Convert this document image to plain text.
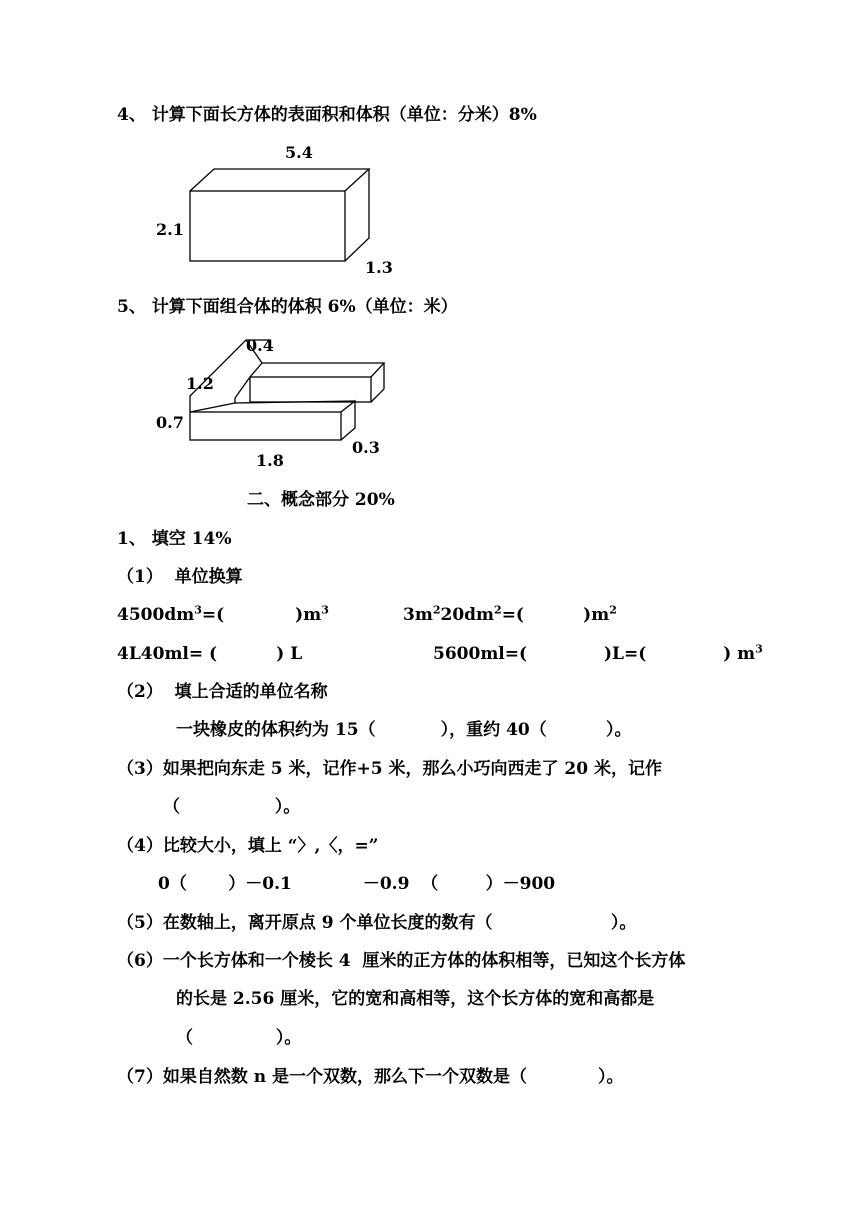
4、 计算下面长方体的表面积和体积（单位：分米）8%
5.4
2.1
1.3
0.4
1.2
0.7
0.3
1.8
5、 计算下面组合体的体积 6%（单位：米）
二、概念部分 20%
1、 填空 14%
（1）  单位换算
$4500dm^3=$(            )$m^3$	$3m^220dm^2=$(          )$m^2$
4L40ml= (          ) L	5600ml=(             )L=(             ) $m^3$
（2）  填上合适的单位名称
一块橡皮的体积约为 15（           ），重约 40（          ）。
（3）如果把向东走 5 米，记作+5 米，那么小巧向西走了 20 米，记作
（                ）。
（4）比较大小，填上 “〉,〈，=”
0（       ）－0.1            －0.9  （        ）－900
（5）在数轴上，离开原点 9 个单位长度的数有（                    ）。
（6）一个长方体和一个棱长 4  厘米的正方体的体积相等，已知这个长方体
的长是 2.56 厘米，它的宽和高相等，这个长方体的宽和高都是
（              ）。
（7）如果自然数 n 是一个双数，那么下一个双数是（            ）。
